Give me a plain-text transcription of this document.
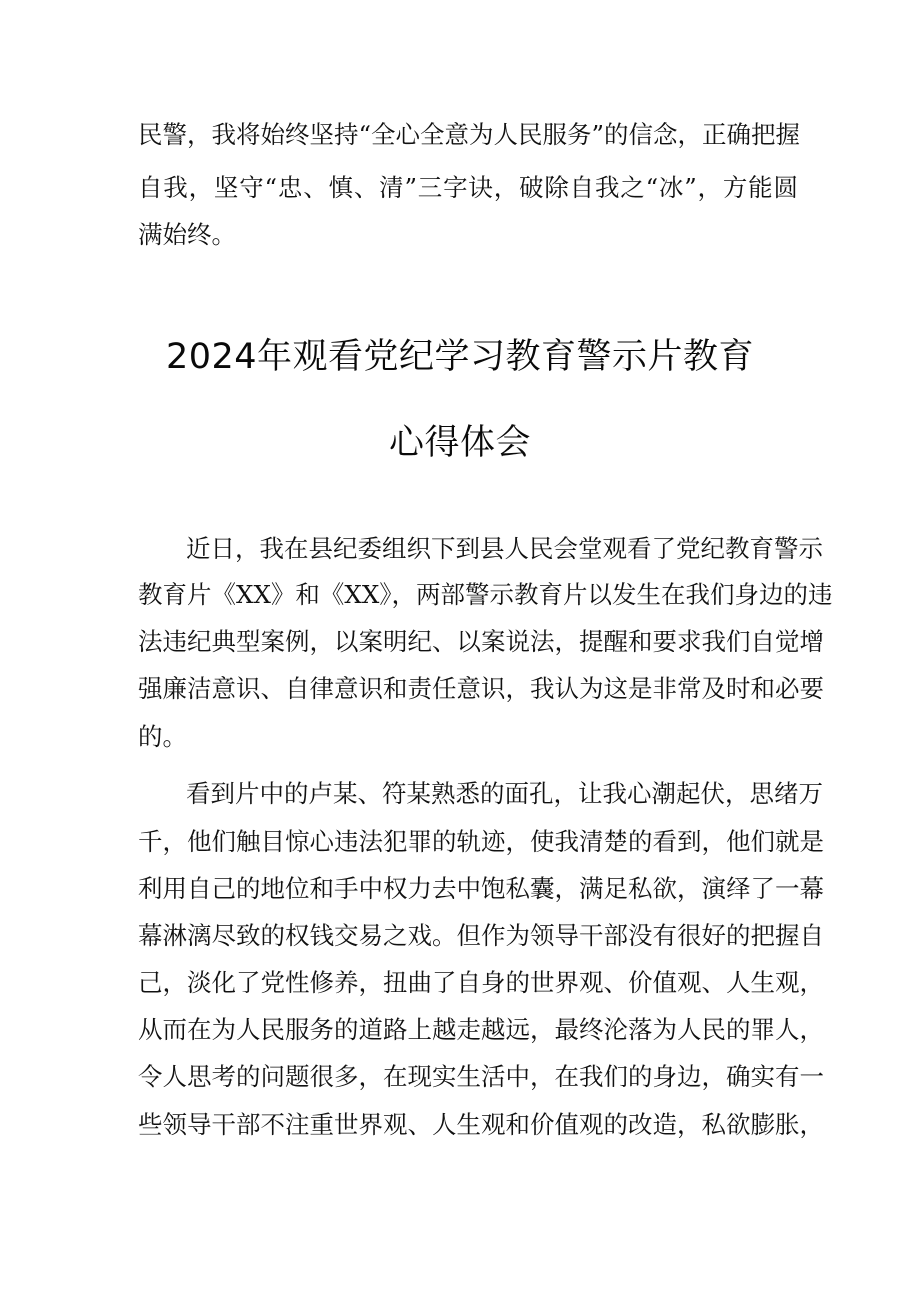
民警，我将始终坚持“全心全意为人民服务”的信念，正确把握
自我，坚守“忠、慎、清”三字诀，破除自我之“冰”，方能圆
满始终。
2024年观看党纪学习教育警示片教育
心得体会
近日，我在县纪委组织下到县人民会堂观看了党纪教育警示
教育片《XX》和《XX》，两部警示教育片以发生在我们身边的违
法违纪典型案例，以案明纪、以案说法，提醒和要求我们自觉增
强廉洁意识、自律意识和责任意识，我认为这是非常及时和必要
的。
看到片中的卢某、符某熟悉的面孔，让我心潮起伏，思绪万
千，他们触目惊心违法犯罪的轨迹，使我清楚的看到，他们就是
利用自己的地位和手中权力去中饱私囊，满足私欲，演绎了一幕
幕淋漓尽致的权钱交易之戏。但作为领导干部没有很好的把握自
己，淡化了党性修养，扭曲了自身的世界观、价值观、人生观，
从而在为人民服务的道路上越走越远，最终沦落为人民的罪人，
令人思考的问题很多，在现实生活中，在我们的身边，确实有一
些领导干部不注重世界观、人生观和价值观的改造，私欲膨胀，
